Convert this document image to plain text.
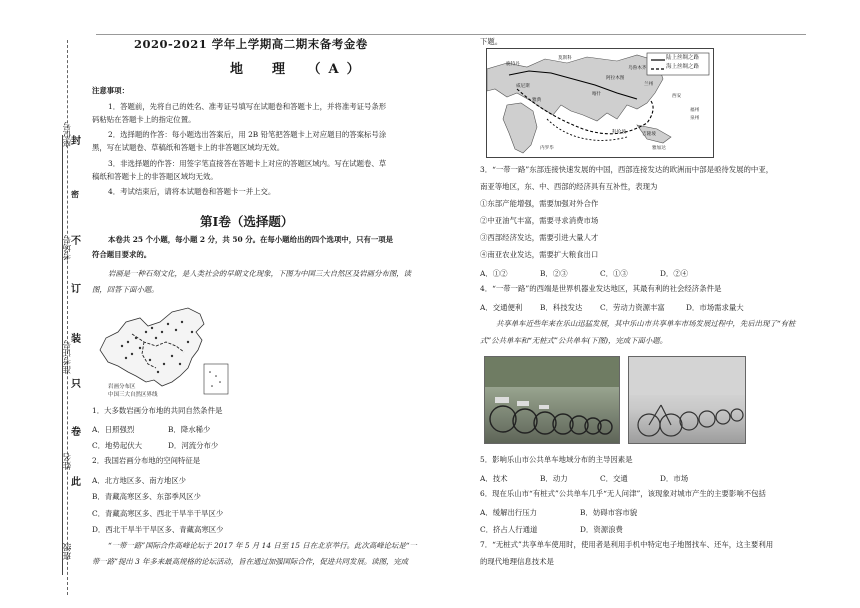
座位号
考场号
准考证号
姓名
班级
封
密
不
订
装
只
卷
此
2020-2021 学年上学期高二期末备考金卷
地　理　（A）
注意事项：
1．答题前，先将自己的姓名、准考证号填写在试题卷和答题卡上，并将准考证号条形
码粘贴在答题卡上的指定位置。
2．选择题的作答：每小题选出答案后，用 2B 铅笔把答题卡上对应题目的答案标号涂
黑，写在试题卷、草稿纸和答题卡上的非答题区域均无效。
3．非选择题的作答：用签字笔直接答在答题卡上对应的答题区域内。写在试题卷、草
稿纸和答题卡上的非答题区域均无效。
4．考试结束后，请将本试题卷和答题卡一并上交。
第Ⅰ卷（选择题）
本卷共 25 个小题，每小题 2 分，共 50 分。在每小题给出的四个选项中，只有一项是
符合题目要求的。
岩画是一种石刻文化，是人类社会的早期文化现象，下图为中国三大自然区及岩画分布图，读
图，回答下面小题。
岩画分布区
中国三大自然区界线
1．大多数岩画分布地的共同自然条件是
A．日照强烈	B．降水稀少
C．地势起伏大	D．河流分布少
2．我国岩画分布地的空间特征是
A．北方地区多、南方地区少
B．青藏高寒区多、东部季风区少
C．青藏高寒区多、西北干旱半干旱区少
D．西北干旱半干旱区多、青藏高寒区少
“一带一路”国际合作高峰论坛于 2017 年 5 月 14 日至 15 日在北京举行。此次高峰论坛是“一
带一路”提出 3 年多来最高规格的论坛活动，旨在通过加强国际合作，促进共同发展。读图，完成
下题。
陆上丝绸之路
海上丝绸之路
鹿特丹
莫斯科
阿拉木图
乌鲁木齐
兰州
西安
威尼斯
雅典
喀什
科伦坡
内罗毕	雅加达
吉隆坡
福州
泉州
3．“一带一路”东部连接快速发展的中国，西部连接发达的欧洲而中部是亟待发展的中亚，
南亚等地区，东、中、西部的经济具有互补性，表现为
①东部产能增强，需要加强对外合作
②中亚油气丰富，需要寻求消费市场
③西部经济发达，需要引进大量人才
④南亚农业发达，需要扩大粮食出口
A．①②	B．②③	C．①③	D．②④
4．“一带一路”的西端是世界机器业发达地区，其最有利的社会经济条件是
A．交通便利 B．科技发达 C．劳动力资源丰富	D．市场需求量大
共享单车近些年来在乐山迅猛发展，其中乐山市共享单车市场发展过程中，先后出现了“有桩
式”公共单车和“无桩式”公共单车(下图)，完成下面小题。
5．影响乐山市公共单车地域分布的主导因素是
A．技术	B．动力	C．交通	D．市场
6．现在乐山市“有桩式”公共单车几乎“无人问津”，该现象对城市产生的主要影响不包括
A．缓解出行压力	B．妨碍市容市貌
C．挤占人行通道	D．资源浪费
7．“无桩式”共享单车使用时，使用者是利用手机中特定电子地图找车、还车，这主要利用
的现代地理信息技术是
